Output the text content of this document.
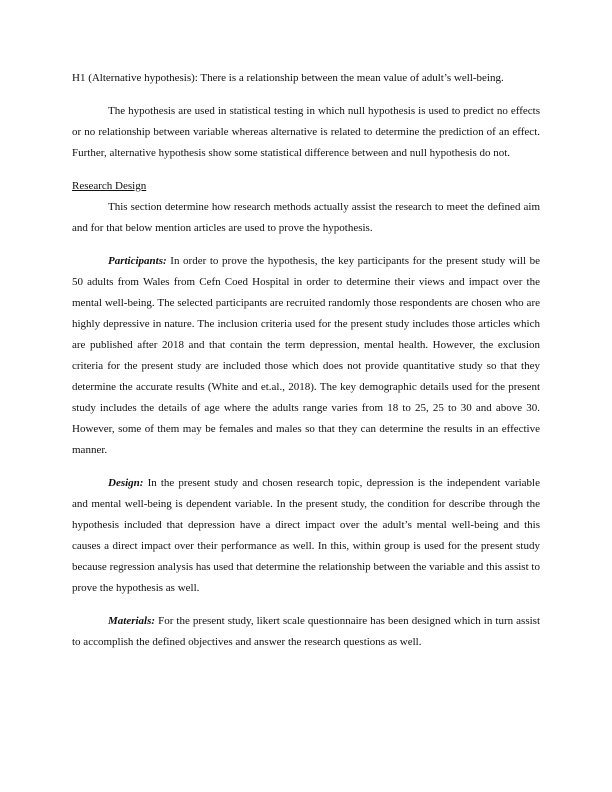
H1 (Alternative hypothesis): There is a relationship between the mean value of adult’s well-being.

The hypothesis are used in statistical testing in which null hypothesis is used to predict no effects or no relationship between variable whereas alternative is related to determine the prediction of an effect. Further, alternative hypothesis show some statistical difference between and null hypothesis do not.

Research Design

This section determine how research methods actually assist the research to meet the defined aim and for that below mention articles are used to prove the hypothesis.

Participants: In order to prove the hypothesis, the key participants for the present study will be 50 adults from Wales from Cefn Coed Hospital in order to determine their views and impact over the mental well-being. The selected participants are recruited randomly those respondents are chosen who are highly depressive in nature. The inclusion criteria used for the present study includes those articles which are published after 2018 and that contain the term depression, mental health. However, the exclusion criteria for the present study are included those which does not provide quantitative study so that they determine the accurate results (White and et.al., 2018). The key demographic details used for the present study includes the details of age where the adults range varies from 18 to 25, 25 to 30 and above 30. However, some of them may be females and males so that they can determine the results in an effective manner.

Design: In the present study and chosen research topic, depression is the independent variable and mental well-being is dependent variable. In the present study, the condition for describe through the hypothesis included that depression have a direct impact over the adult’s mental well-being and this causes a direct impact over their performance as well. In this, within group is used for the present study because regression analysis has used that determine the relationship between the variable and this assist to prove the hypothesis as well.

Materials: For the present study, likert scale questionnaire has been designed which in turn assist to accomplish the defined objectives and answer the research questions as well.
